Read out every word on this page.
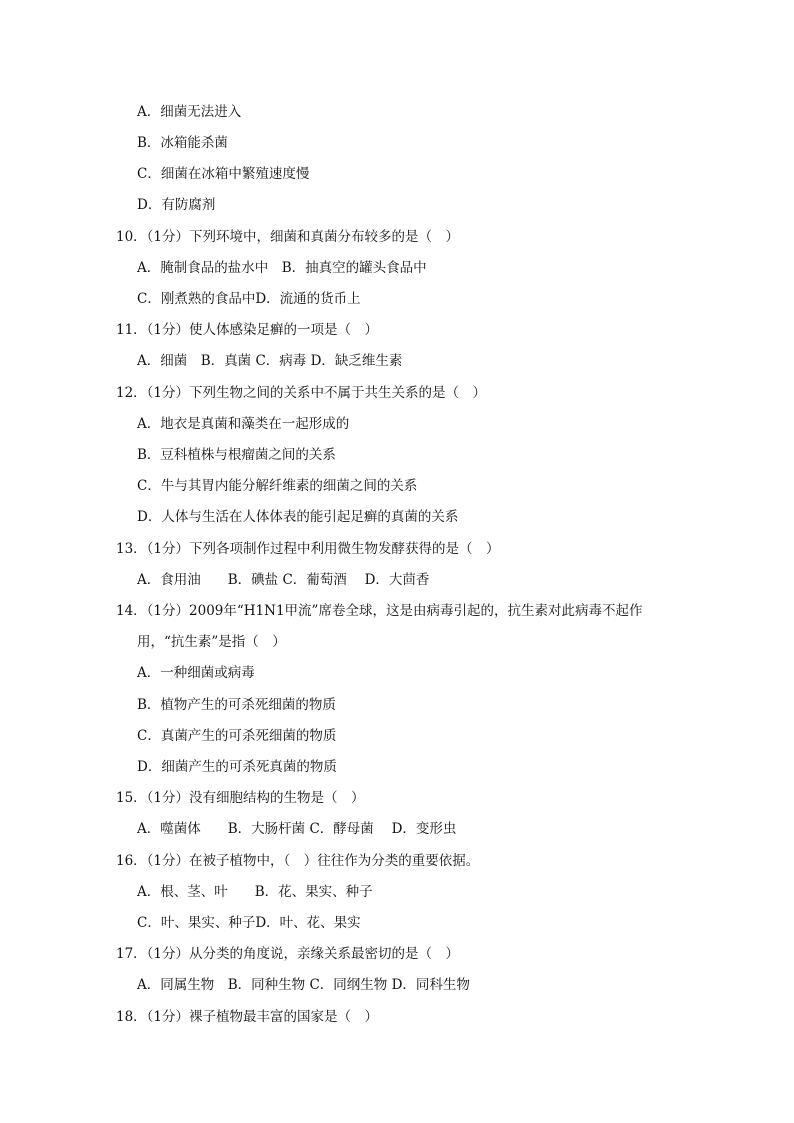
A．细菌无法进入
B．冰箱能杀菌
C．细菌在冰箱中繁殖速度慢
D．有防腐剂
10．（1分）下列环境中，细菌和真菌分布较多的是（　）
A．腌制食品的盐水中　B．抽真空的罐头食品中
C．刚煮熟的食品中D．流通的货币上
11．（1分）使人体感染足癣的一项是（　）
A．细菌　B．真菌 C．病毒 D．缺乏维生素
12．（1分）下列生物之间的关系中不属于共生关系的是（　）
A．地衣是真菌和藻类在一起形成的
B．豆科植株与根瘤菌之间的关系
C．牛与其胃内能分解纤维素的细菌之间的关系
D．人体与生活在人体体表的能引起足癣的真菌的关系
13．（1分）下列各项制作过程中利用微生物发酵获得的是（　）
A．食用油　　B．碘盐 C．葡萄酒　 D．大茴香
14．（1分）2009年“H1N1甲流”席卷全球，这是由病毒引起的，抗生素对此病毒不起作
用，“抗生素”是指（　）
A．一种细菌或病毒
B．植物产生的可杀死细菌的物质
C．真菌产生的可杀死细菌的物质
D．细菌产生的可杀死真菌的物质
15．（1分）没有细胞结构的生物是（　）
A．噬菌体　　B．大肠杆菌 C．酵母菌　 D．变形虫
16．（1分）在被子植物中，（　）往往作为分类的重要依据。
A．根、茎、叶　　B．花、果实、种子
C．叶、果实、种子D．叶、花、果实
17．（1分）从分类的角度说，亲缘关系最密切的是（　）
A．同属生物　B．同种生物 C．同纲生物 D．同科生物
18．（1分）裸子植物最丰富的国家是（　）
